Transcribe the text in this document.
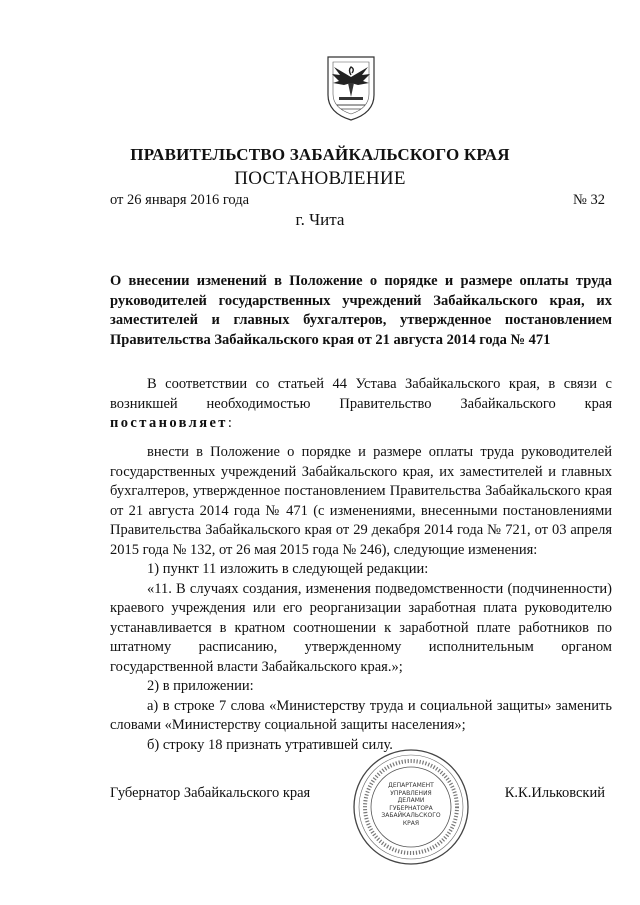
ПРАВИТЕЛЬСТВО ЗАБАЙКАЛЬСКОГО КРАЯ
ПОСТАНОВЛЕНИЕ
от 26 января 2016 года	№ 32
г. Чита
О внесении изменений в Положение о порядке и размере оплаты труда руководителей государственных учреждений Забайкальского края, их заместителей и главных бухгалтеров, утвержденное постановлением Правительства Забайкальского края от 21 августа 2014 года № 471
В соответствии со статьей 44 Устава Забайкальского края, в связи с возникшей необходимостью Правительство Забайкальского края постановляет:

внести в Положение о порядке и размере оплаты труда руководителей государственных учреждений Забайкальского края, их заместителей и главных бухгалтеров, утвержденное постановлением Правительства Забайкальского края от 21 августа 2014 года № 471 (с изменениями, внесенными постановлениями Правительства Забайкальского края от 29 декабря 2014 года № 721, от 03 апреля 2015 года № 132, от 26 мая 2015 года № 246), следующие изменения:

1) пункт 11 изложить в следующей редакции:

«11. В случаях создания, изменения подведомственности (подчиненности) краевого учреждения или его реорганизации заработная плата руководителю устанавливается в кратном соотношении к заработной плате работников по штатному расписанию, утвержденному исполнительным органом государственной власти Забайкальского края.»;

2) в приложении:

а) в строке 7 слова «Министерству труда и социальной защиты» заменить словами «Министерству социальной защиты населения»;

б) строку 18 признать утратившей силу.

Губернатор Забайкальского края	ДЕПАРТАМЕНТ
УПРАВЛЕНИЯ
ДЕЛАМИ
ГУБЕРНАТОРА
ЗАБАЙКАЛЬСКОГО
КРАЯ
К.К.Ильковский
